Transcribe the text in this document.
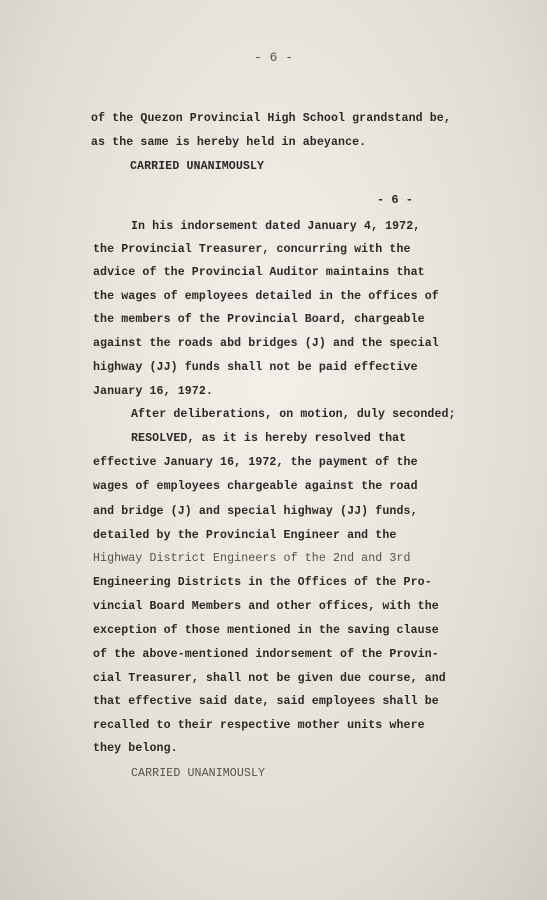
- 6 -
of the Quezon Provincial High School grandstand be,
as the same is hereby held in abeyance.
CARRIED UNANIMOUSLY
- 6 -
In his indorsement dated January 4, 1972,
the Provincial Treasurer, concurring with the
advice of the Provincial Auditor maintains that
the wages of employees detailed in the offices of
the members of the Provincial Board, chargeable
against the roads abd bridges (J) and the special
highway (JJ) funds shall not be paid effective
January 16, 1972.
After deliberations, on motion, duly seconded;
RESOLVED, as it is hereby resolved that
effective January 16, 1972, the payment of the
wages of employees chargeable against the road
and bridge (J) and special highway (JJ) funds,
detailed by the Provincial Engineer and the
Highway District Engineers of the 2nd and 3rd
Engineering Districts in the Offices of the Pro-
vincial Board Members and other offices, with the
exception of those mentioned in the saving clause
of the above-mentioned indorsement of the Provin-
cial Treasurer, shall not be given due course, and
that effective said date, said employees shall be
recalled to their respective mother units where
they belong.
CARRIED UNANIMOUSLY
